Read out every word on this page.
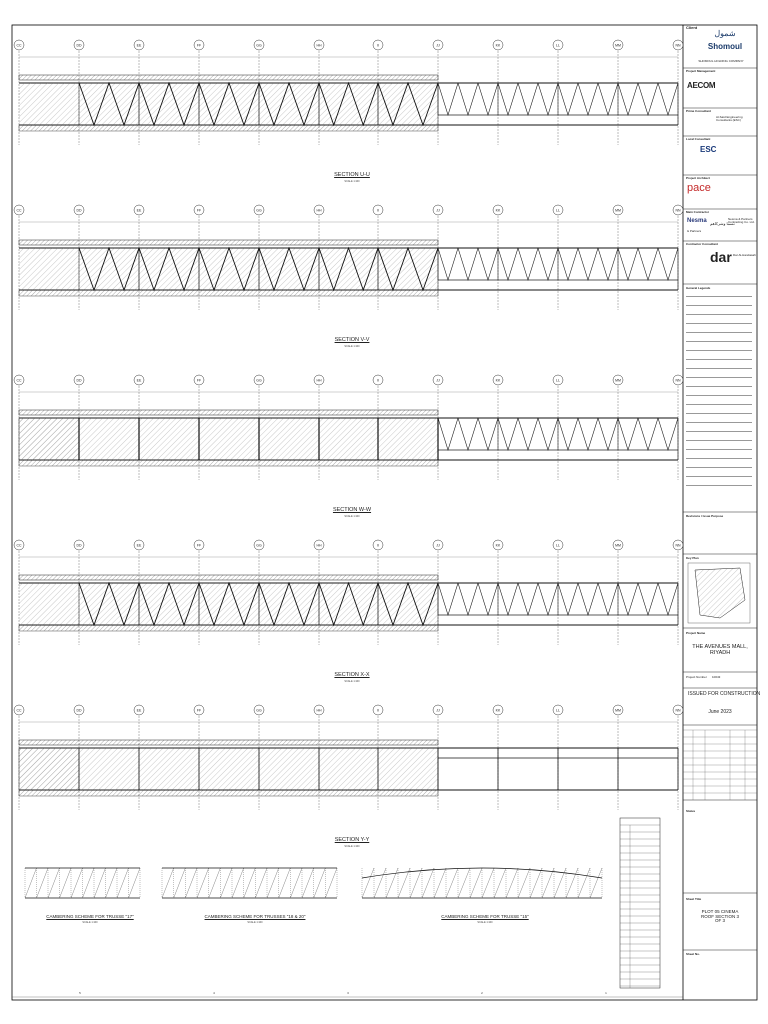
CC	DD	EE	FF	GG	HH	II	JJ	KK	LL	MM	NN
CC	DD	EE	FF	GG	HH	II	JJ	KK	LL	MM	NN
CC	DD	EE	FF	GG	HH	II	JJ	KK	LL	MM	NN
CC	DD	EE	FF	GG	HH	II	JJ	KK	LL	MM	NN
CC	DD	EE	FF	GG	HH	II	JJ	KK	LL	MM	NN
5	4	3	2	1
SECTION U-U
SCALE 1:100
SECTION V-V
SCALE 1:100
SECTION W-W
SCALE 1:100
SECTION X-X
SCALE 1:100
SECTION Y-Y
SCALE 1:100
CAMBERING SCHEME FOR TRUSSE "17"
SCALE 1:100
CAMBERING SCHEME FOR TRUSSES "18 & 20"
SCALE 1:100
CAMBERING SCHEME FOR TRUSSE "15"
SCALE 1:100
Client
شمول
Shomoul
SHOMOUL HOLDING COMPANY
Project Management
AECOM
Prime Consultant
Al-Said Engineering Consultants (ESC)
Local Consultant
ESC
Project Architect
pace
Main Contractor
Nesma
& Partners
نسما وشركاهم
Nesma & Partners Contracting Co. Ltd.
Contractor Consultant
dar Dar Al-Handasah
General Legends
Revisions / Issue Purpose
Key Plan
Project Name
THE AVENUES MALL, RIYADH
Project Number 10043
ISSUED FOR CONSTRUCTION
June 2023
Status
Sheet Title
PLOT 05 CINEMA ROOF SECTION 3 OF 3
Sheet No.
